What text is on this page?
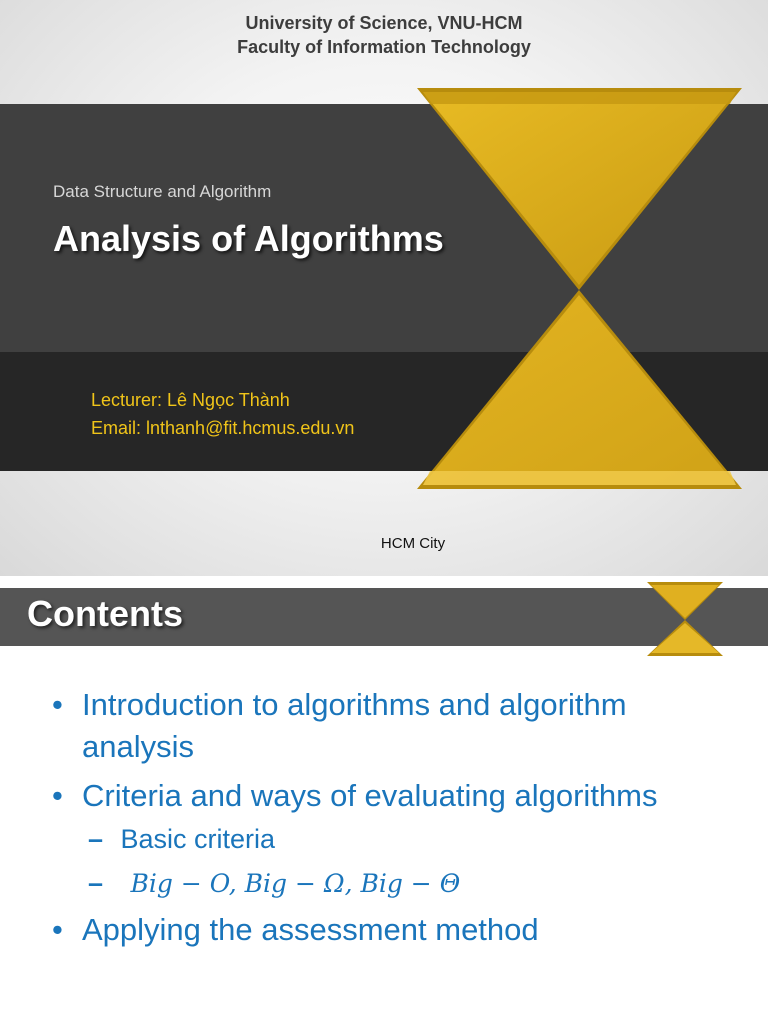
University of Science, VNU-HCM
Faculty of Information Technology
Data Structure and Algorithm
Analysis of Algorithms
Lecturer: Lê Ngọc Thành
Email: lnthanh@fit.hcmus.edu.vn
HCM City
Contents
• Introduction to algorithms and algorithm
analysis
• Criteria and ways of evaluating algorithms
– Basic criteria
– Big − O, Big − Ω, Big − Θ
• Applying the assessment method
